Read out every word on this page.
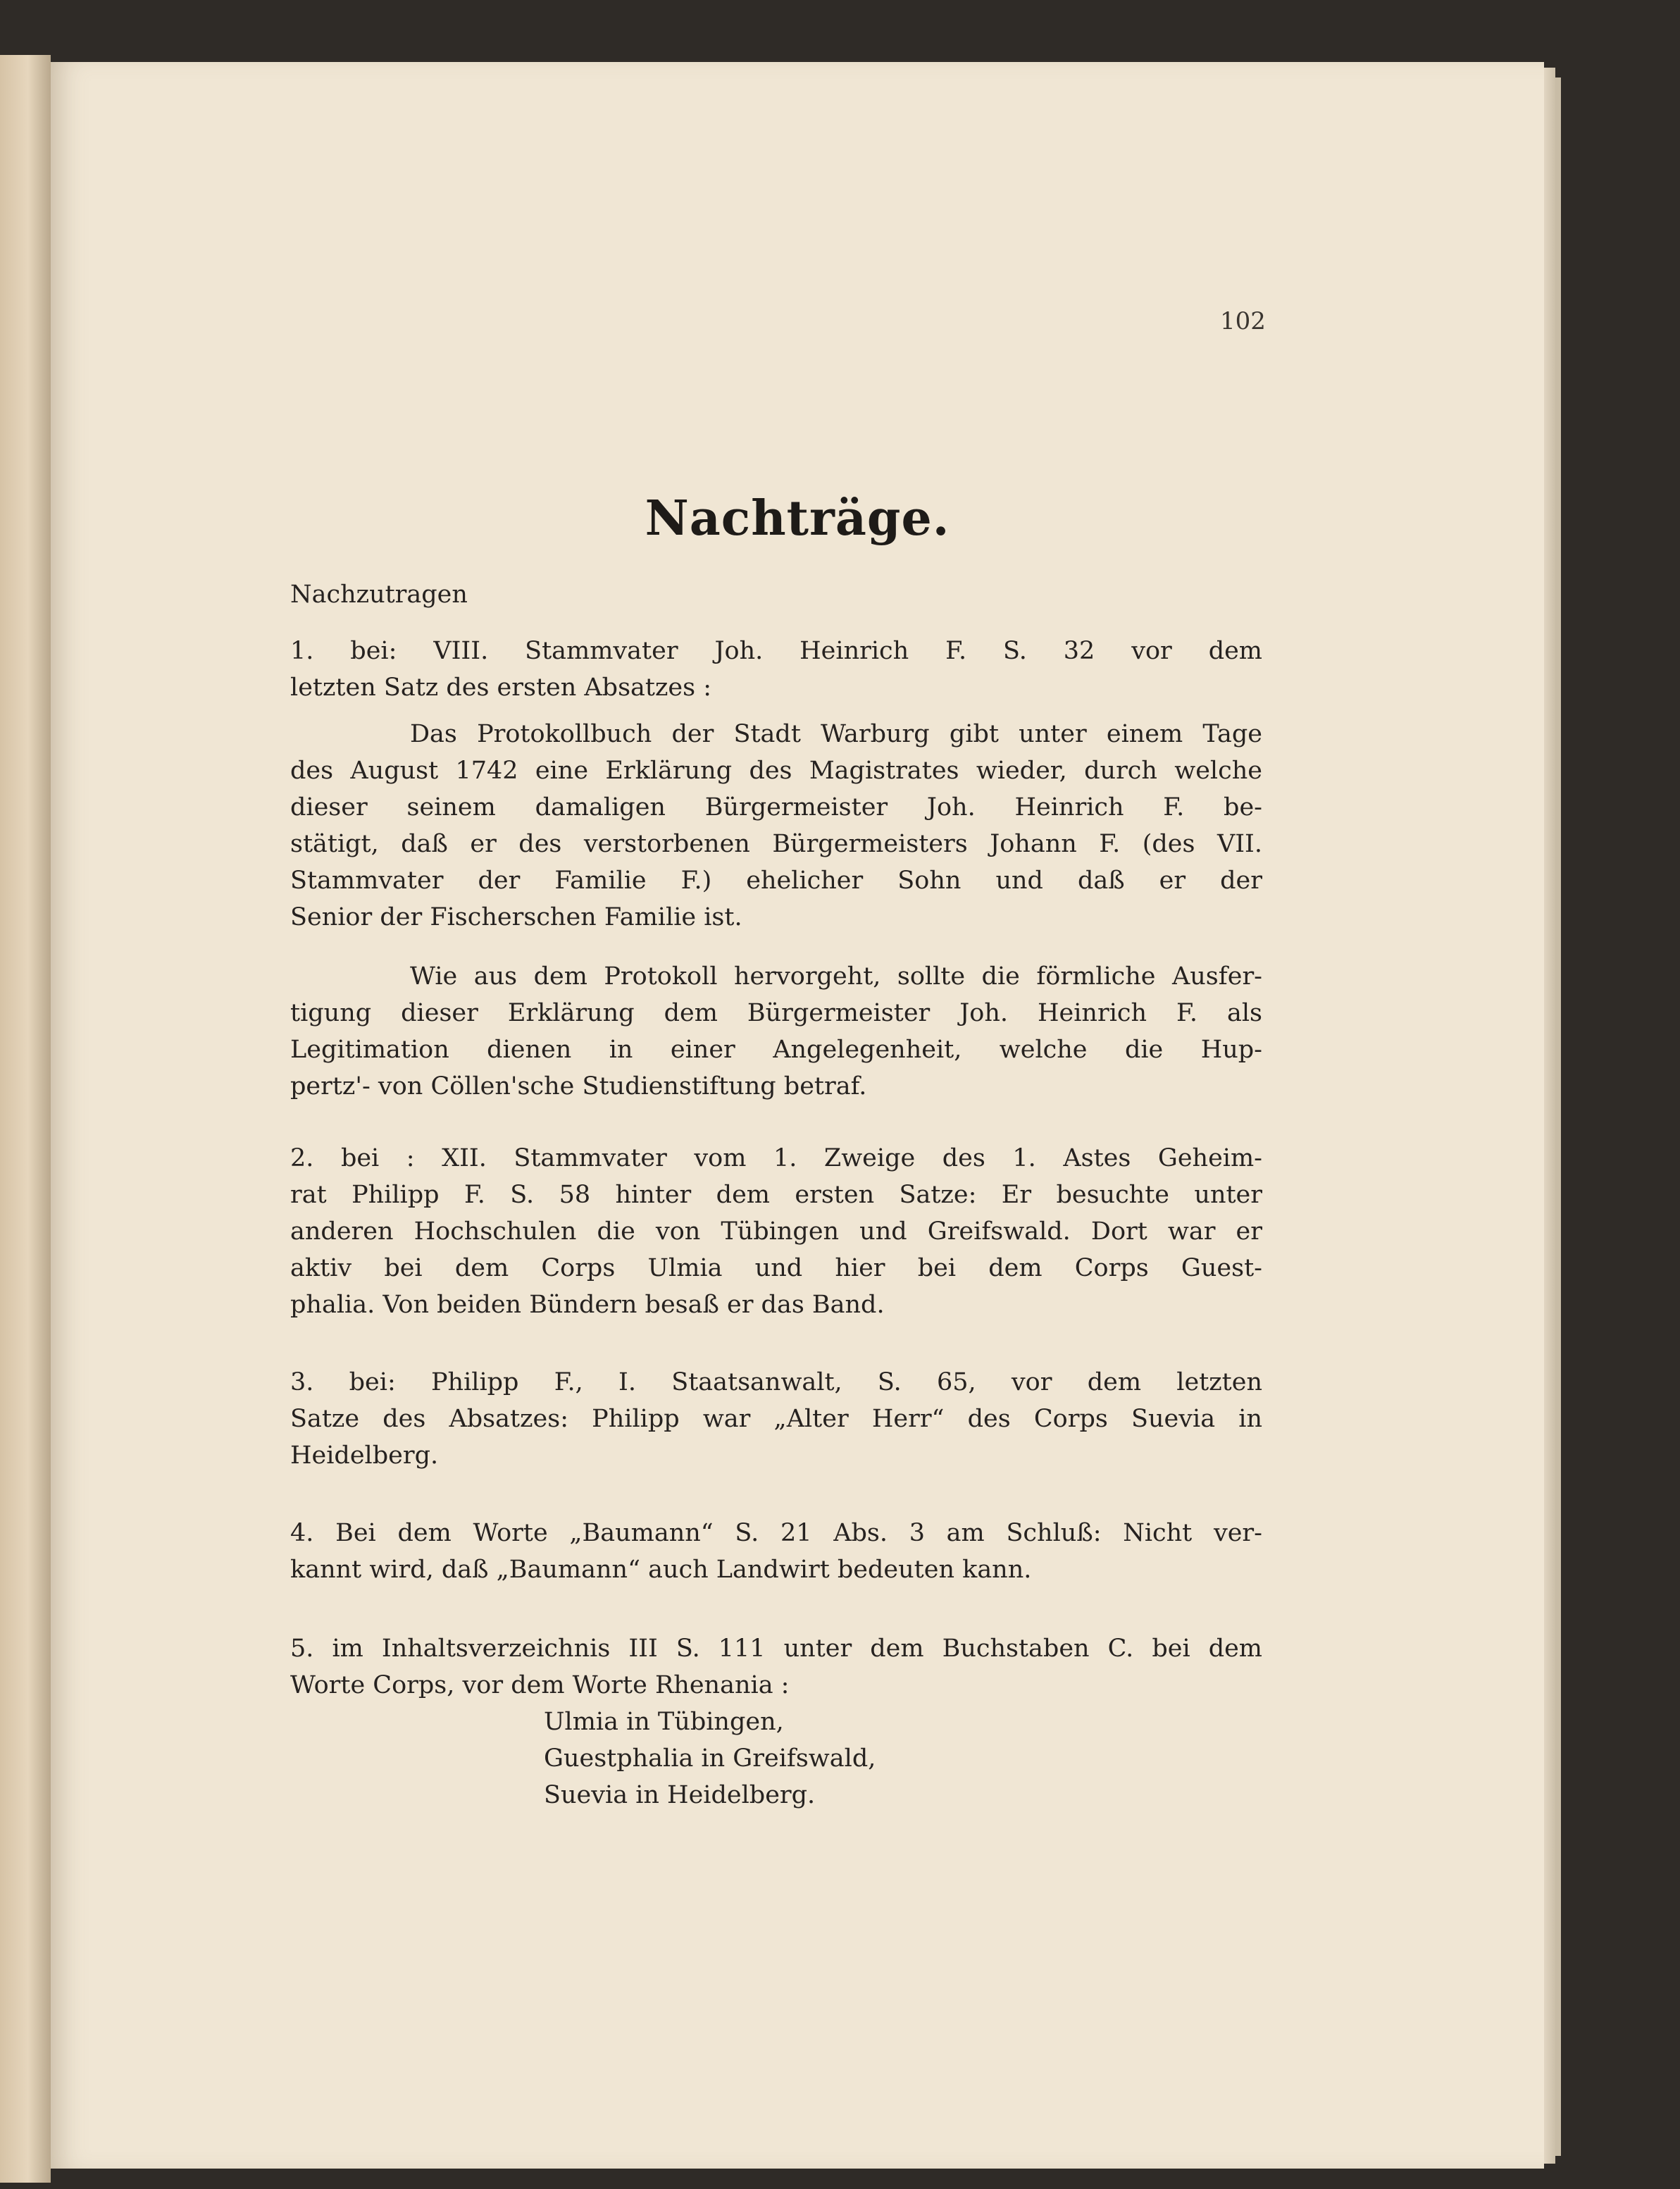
102
Nachträge.
Nachzutragen
1. bei: VIII. Stammvater Joh. Heinrich F. S. 32 vor dem
letzten Satz des ersten Absatzes :
Das Protokollbuch der Stadt Warburg gibt unter einem Tage
des August 1742 eine Erklärung des Magistrates wieder, durch welche
dieser seinem damaligen Bürgermeister Joh. Heinrich F. be-
stätigt, daß er des verstorbenen Bürgermeisters Johann F. (des VII.
Stammvater der Familie F.) ehelicher Sohn und daß er der
Senior der Fischerschen Familie ist.
Wie aus dem Protokoll hervorgeht, sollte die förmliche Ausfer-
tigung dieser Erklärung dem Bürgermeister Joh. Heinrich F. als
Legitimation dienen in einer Angelegenheit, welche die Hup-
pertz'- von Cöllen'sche Studienstiftung betraf.
2. bei : XII. Stammvater vom 1. Zweige des 1. Astes Geheim-
rat Philipp F. S. 58 hinter dem ersten Satze: Er besuchte unter
anderen Hochschulen die von Tübingen und Greifswald. Dort war er
aktiv bei dem Corps Ulmia und hier bei dem Corps Guest-
phalia. Von beiden Bündern besaß er das Band.
3. bei: Philipp F., I. Staatsanwalt, S. 65, vor dem letzten
Satze des Absatzes: Philipp war „Alter Herr“ des Corps Suevia in
Heidelberg.
4. Bei dem Worte „Baumann“ S. 21 Abs. 3 am Schluß: Nicht ver-
kannt wird, daß „Baumann“ auch Landwirt bedeuten kann.
5. im Inhaltsverzeichnis III S. 111 unter dem Buchstaben C. bei dem
Worte Corps, vor dem Worte Rhenania :
Ulmia in Tübingen,
Guestphalia in Greifswald,
Suevia in Heidelberg.
